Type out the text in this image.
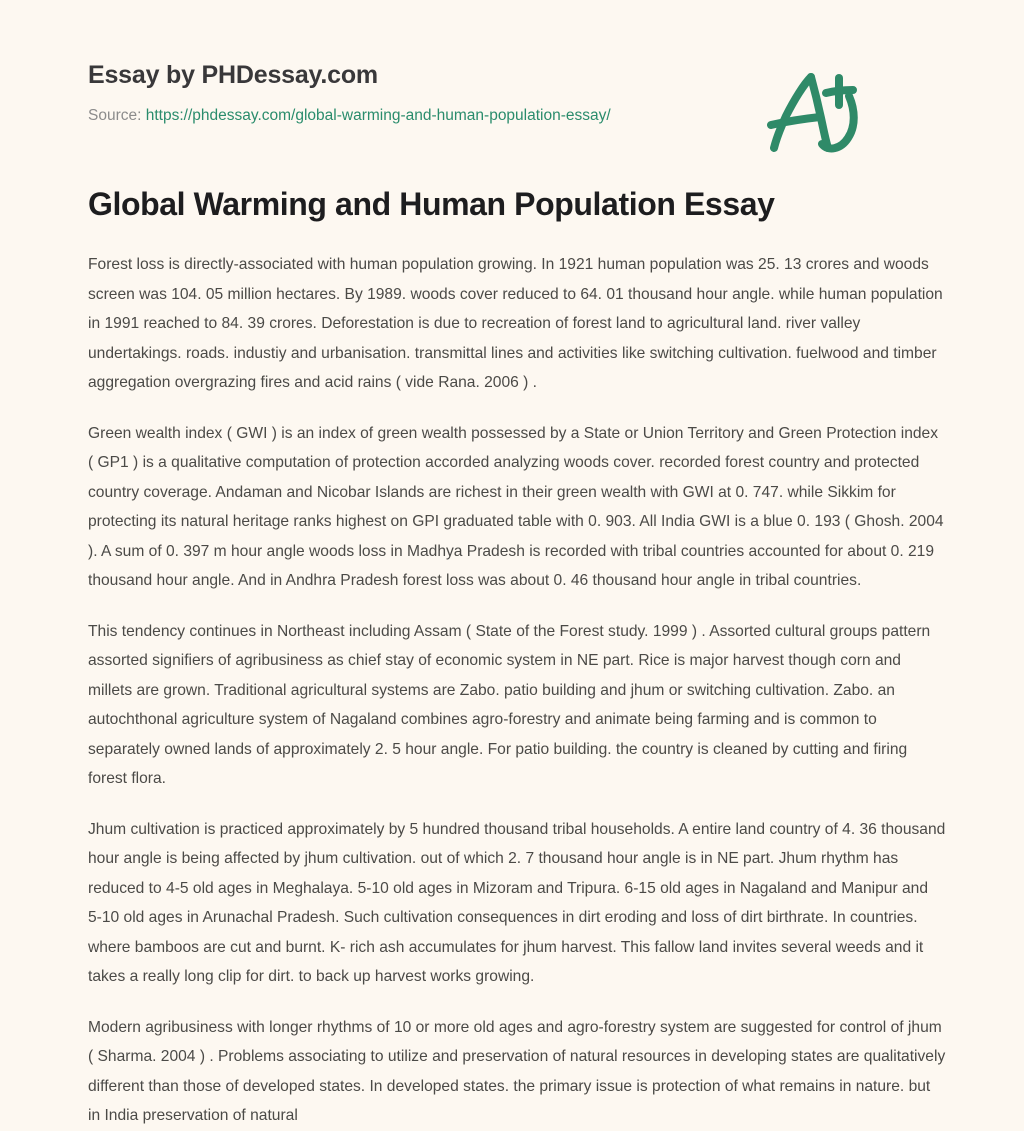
Essay by PHDessay.com
Source: https://phdessay.com/global-warming-and-human-population-essay/
Global Warming and Human Population Essay

Forest loss is directly-associated with human population growing. In 1921 human population was 25. 13 crores and woods screen was 104. 05 million hectares. By 1989. woods cover reduced to 64. 01 thousand hour angle. while human population in 1991 reached to 84. 39 crores. Deforestation is due to recreation of forest land to agricultural land. river valley undertakings. roads. industiy and urbanisation. transmittal lines and activities like switching cultivation. fuelwood and timber aggregation overgrazing fires and acid rains ( vide Rana. 2006 ) .

Green wealth index ( GWI ) is an index of green wealth possessed by a State or Union Territory and Green Protection index ( GP1 ) is a qualitative computation of protection accorded analyzing woods cover. recorded forest country and protected country coverage. Andaman and Nicobar Islands are richest in their green wealth with GWI at 0. 747. while Sikkim for protecting its natural heritage ranks highest on GPI graduated table with 0. 903. All India GWI is a blue 0. 193 ( Ghosh. 2004 ). A sum of 0. 397 m hour angle woods loss in Madhya Pradesh is recorded with tribal countries accounted for about 0. 219 thousand hour angle. And in Andhra Pradesh forest loss was about 0. 46 thousand hour angle in tribal countries.

This tendency continues in Northeast including Assam ( State of the Forest study. 1999 ) . Assorted cultural groups pattern assorted signifiers of agribusiness as chief stay of economic system in NE part. Rice is major harvest though corn and millets are grown. Traditional agricultural systems are Zabo. patio building and jhum or switching cultivation. Zabo. an autochthonal agriculture system of Nagaland combines agro-forestry and animate being farming and is common to separately owned lands of approximately 2. 5 hour angle. For patio building. the country is cleaned by cutting and firing forest flora.

Jhum cultivation is practiced approximately by 5 hundred thousand tribal households. A entire land country of 4. 36 thousand hour angle is being affected by jhum cultivation. out of which 2. 7 thousand hour angle is in NE part. Jhum rhythm has reduced to 4-5 old ages in Meghalaya. 5-10 old ages in Mizoram and Tripura. 6-15 old ages in Nagaland and Manipur and 5-10 old ages in Arunachal Pradesh. Such cultivation consequences in dirt eroding and loss of dirt birthrate. In countries. where bamboos are cut and burnt. K- rich ash accumulates for jhum harvest. This fallow land invites several weeds and it takes a really long clip for dirt. to back up harvest works growing.

Modern agribusiness with longer rhythms of 10 or more old ages and agro-forestry system are suggested for control of jhum ( Sharma. 2004 ) . Problems associating to utilize and preservation of natural resources in developing states are qualitatively different than those of developed states. In developed states. the primary issue is protection of what remains in nature. but in India preservation of natural
